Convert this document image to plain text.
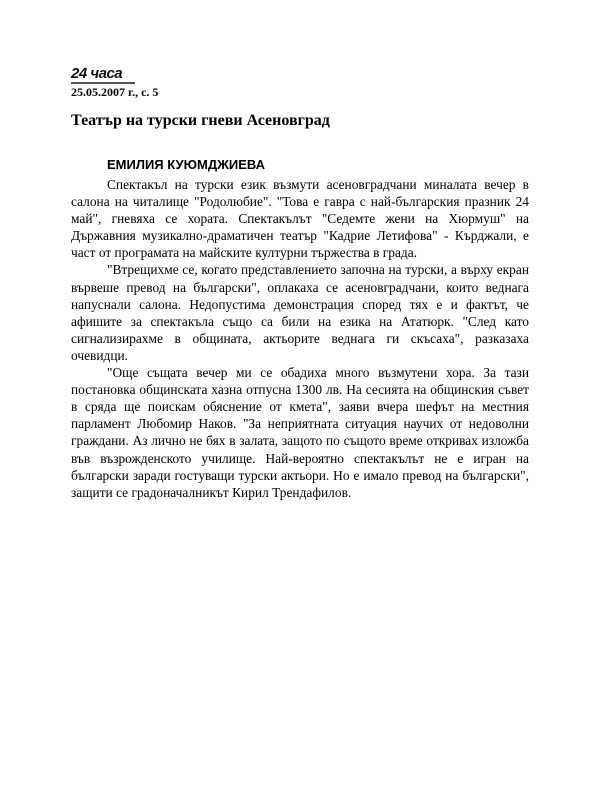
24 часа
25.05.2007 г., с. 5
Театър на турски гневи Асеновград
ЕМИЛИЯ КУЮМДЖИЕВА

Спектакъл на турски език възмути асеновградчани миналата вечер в салона на читалище "Родолюбие". "Това е гавра с най-българския празник 24 май", гневяха се хората. Спектакълът "Седемте жени на Хюрмуш" на Държавния музикално-драматичен театър "Кадрие Летифова" - Кърджали, е част от програмата на майските културни тържества в града.

"Втрещихме се, когато представлението започна на турски, а върху екран вървеше превод на български", оплакаха се асеновградчани, които веднага напуснали салона. Недопустима демонстрация според тях е и фактът, че афишите за спектакъла също са били на езика на Ататюрк. "След като сигнализирахме в общината, актьорите веднага ги скъсаха", разказаха очевидци.

"Още същата вечер ми се обадиха много възмутени хора. За тази постановка общинската хазна отпусна 1300 лв. На сесията на общинския съвет в сряда ще поискам обяснение от кмета", заяви вчера шефът на местния парламент Любомир Наков. "За неприятната ситуация научих от недоволни граждани. Аз лично не бях в залата, защото по същото време откривах изложба във възрожденското училище. Най-вероятно спектакълът не е игран на български заради гостуващи турски актьори. Но е имало превод на български", защити се градоначалникът Кирил Трендафилов.
